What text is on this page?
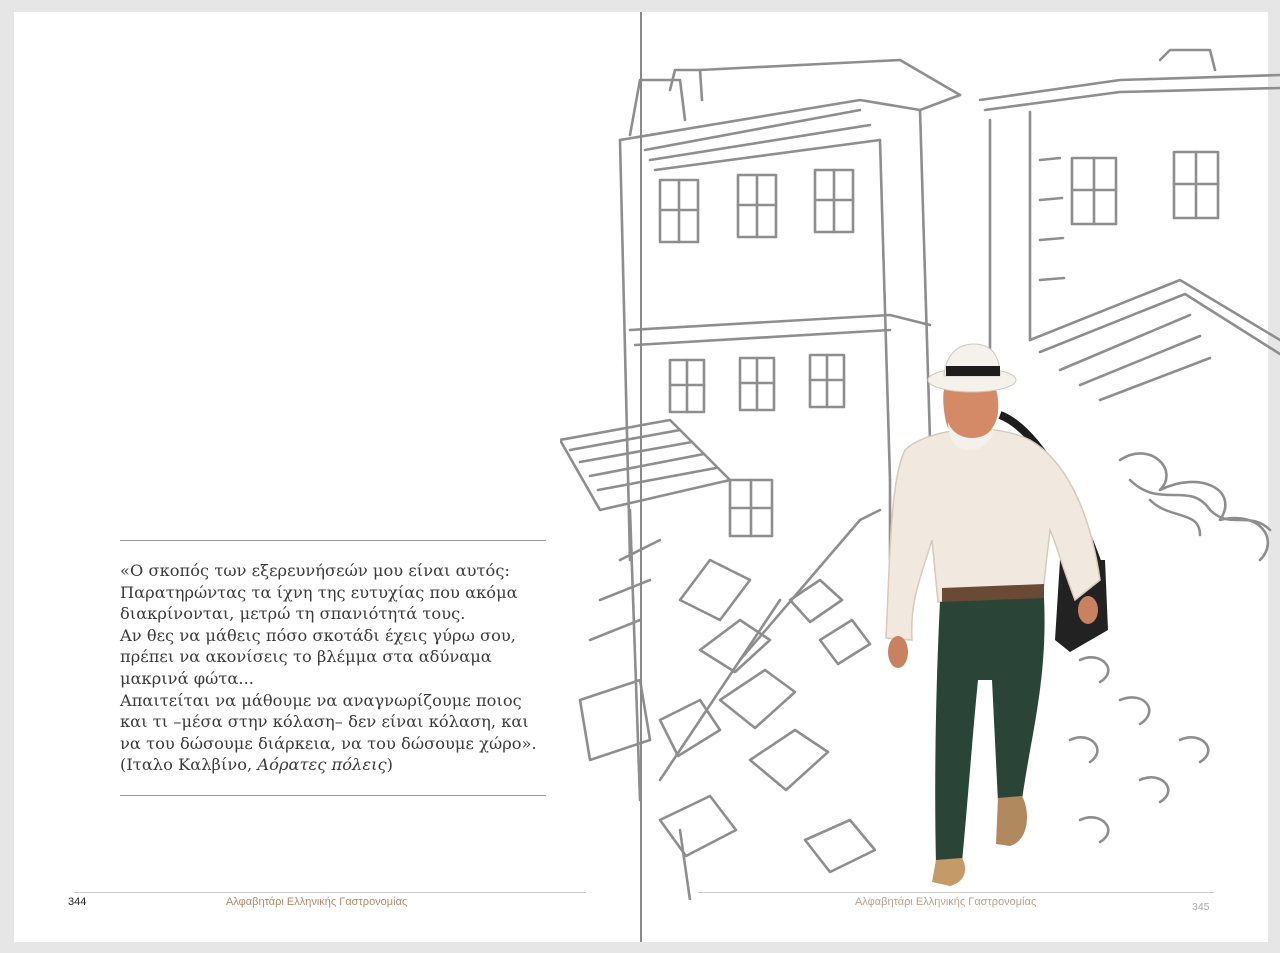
«Ο σκοπός των εξερευνήσεών μου είναι αυτός:
Παρατηρώντας τα ίχνη της ευτυχίας που ακόμα
διακρίνονται, μετρώ τη σπανιότητά τους.
Αν θες να μάθεις πόσο σκοτάδι έχεις γύρω σου,
πρέπει να ακονίσεις το βλέμμα στα αδύναμα
μακρινά φώτα...
Απαιτείται να μάθουμε να αναγνωρίζουμε ποιος
και τι –μέσα στην κόλαση– δεν είναι κόλαση, και
να του δώσουμε διάρκεια, να του δώσουμε χώρο».
(Ιταλο Καλβίνο, Αόρατες πόλεις)
344	Αλφαβητάρι Ελληνικής Γαστρονομίας	Αλφαβητάρι Ελληνικής Γαστρονομίας	345
